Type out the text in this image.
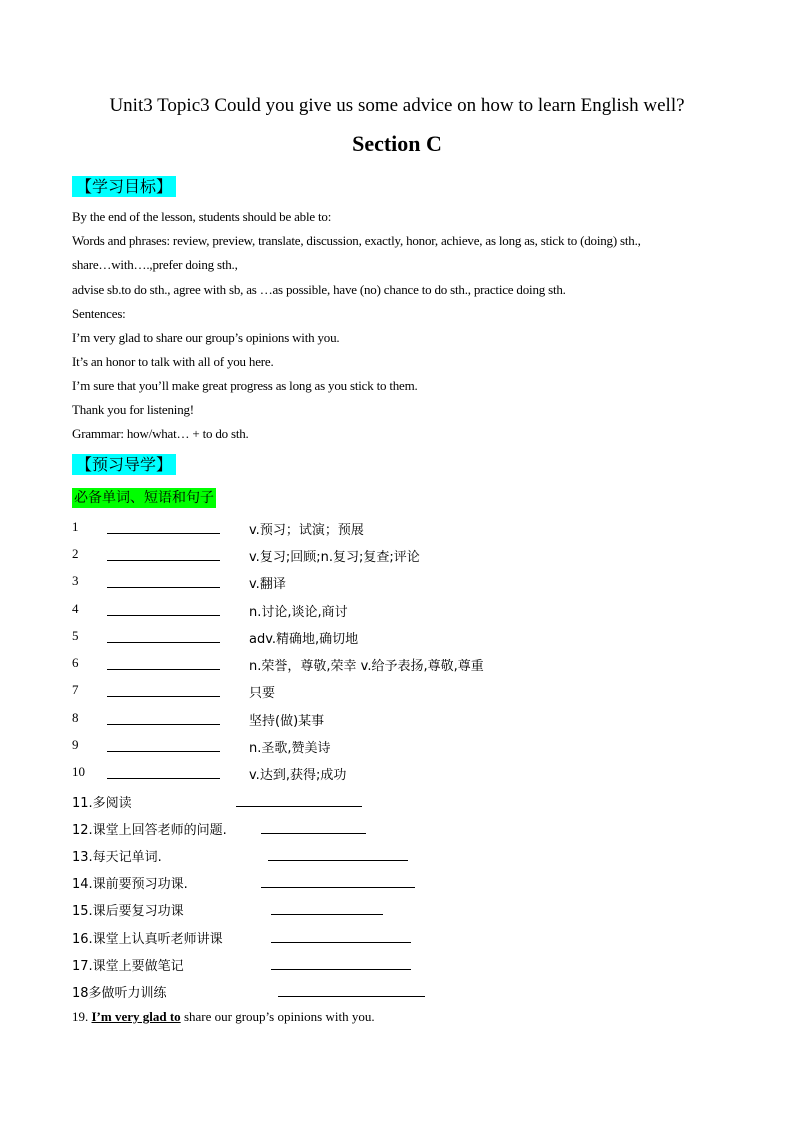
Unit3 Topic3 Could you give us some advice on how to learn English well?
Section C
【学习目标】
By the end of the lesson, students should be able to:
Words and phrases: review, preview, translate, discussion, exactly, honor, achieve, as long as, stick to (doing) sth.,
share…with….,prefer doing sth.,
advise sb.to do sth., agree with sb, as …as possible, have (no) chance to do sth., practice doing sth.
Sentences:
I’m very glad to share our group’s opinions with you.
It’s an honor to talk with all of you here.
I’m sure that you’ll make great progress as long as you stick to them.
Thank you for listening!
Grammar: how/what… + to do sth.
【预习导学】
必备单词、短语和句子
1	v.预习；试演；预展
2	v.复习;回顾;n.复习;复查;评论
3	v.翻译
4	n.讨论,谈论,商讨
5	adv.精确地,确切地
6	n.荣誉，尊敬,荣幸 v.给予表扬,尊敬,尊重
7	只要
8	坚持(做)某事
9	n.圣歌,赞美诗
10	v.达到,获得;成功
11.多阅读
12.课堂上回答老师的问题.
13.每天记单词.
14.课前要预习功课.
15.课后要复习功课
16.课堂上认真听老师讲课
17.课堂上要做笔记
18多做听力训练
19. I’m very glad to share our group’s opinions with you.
